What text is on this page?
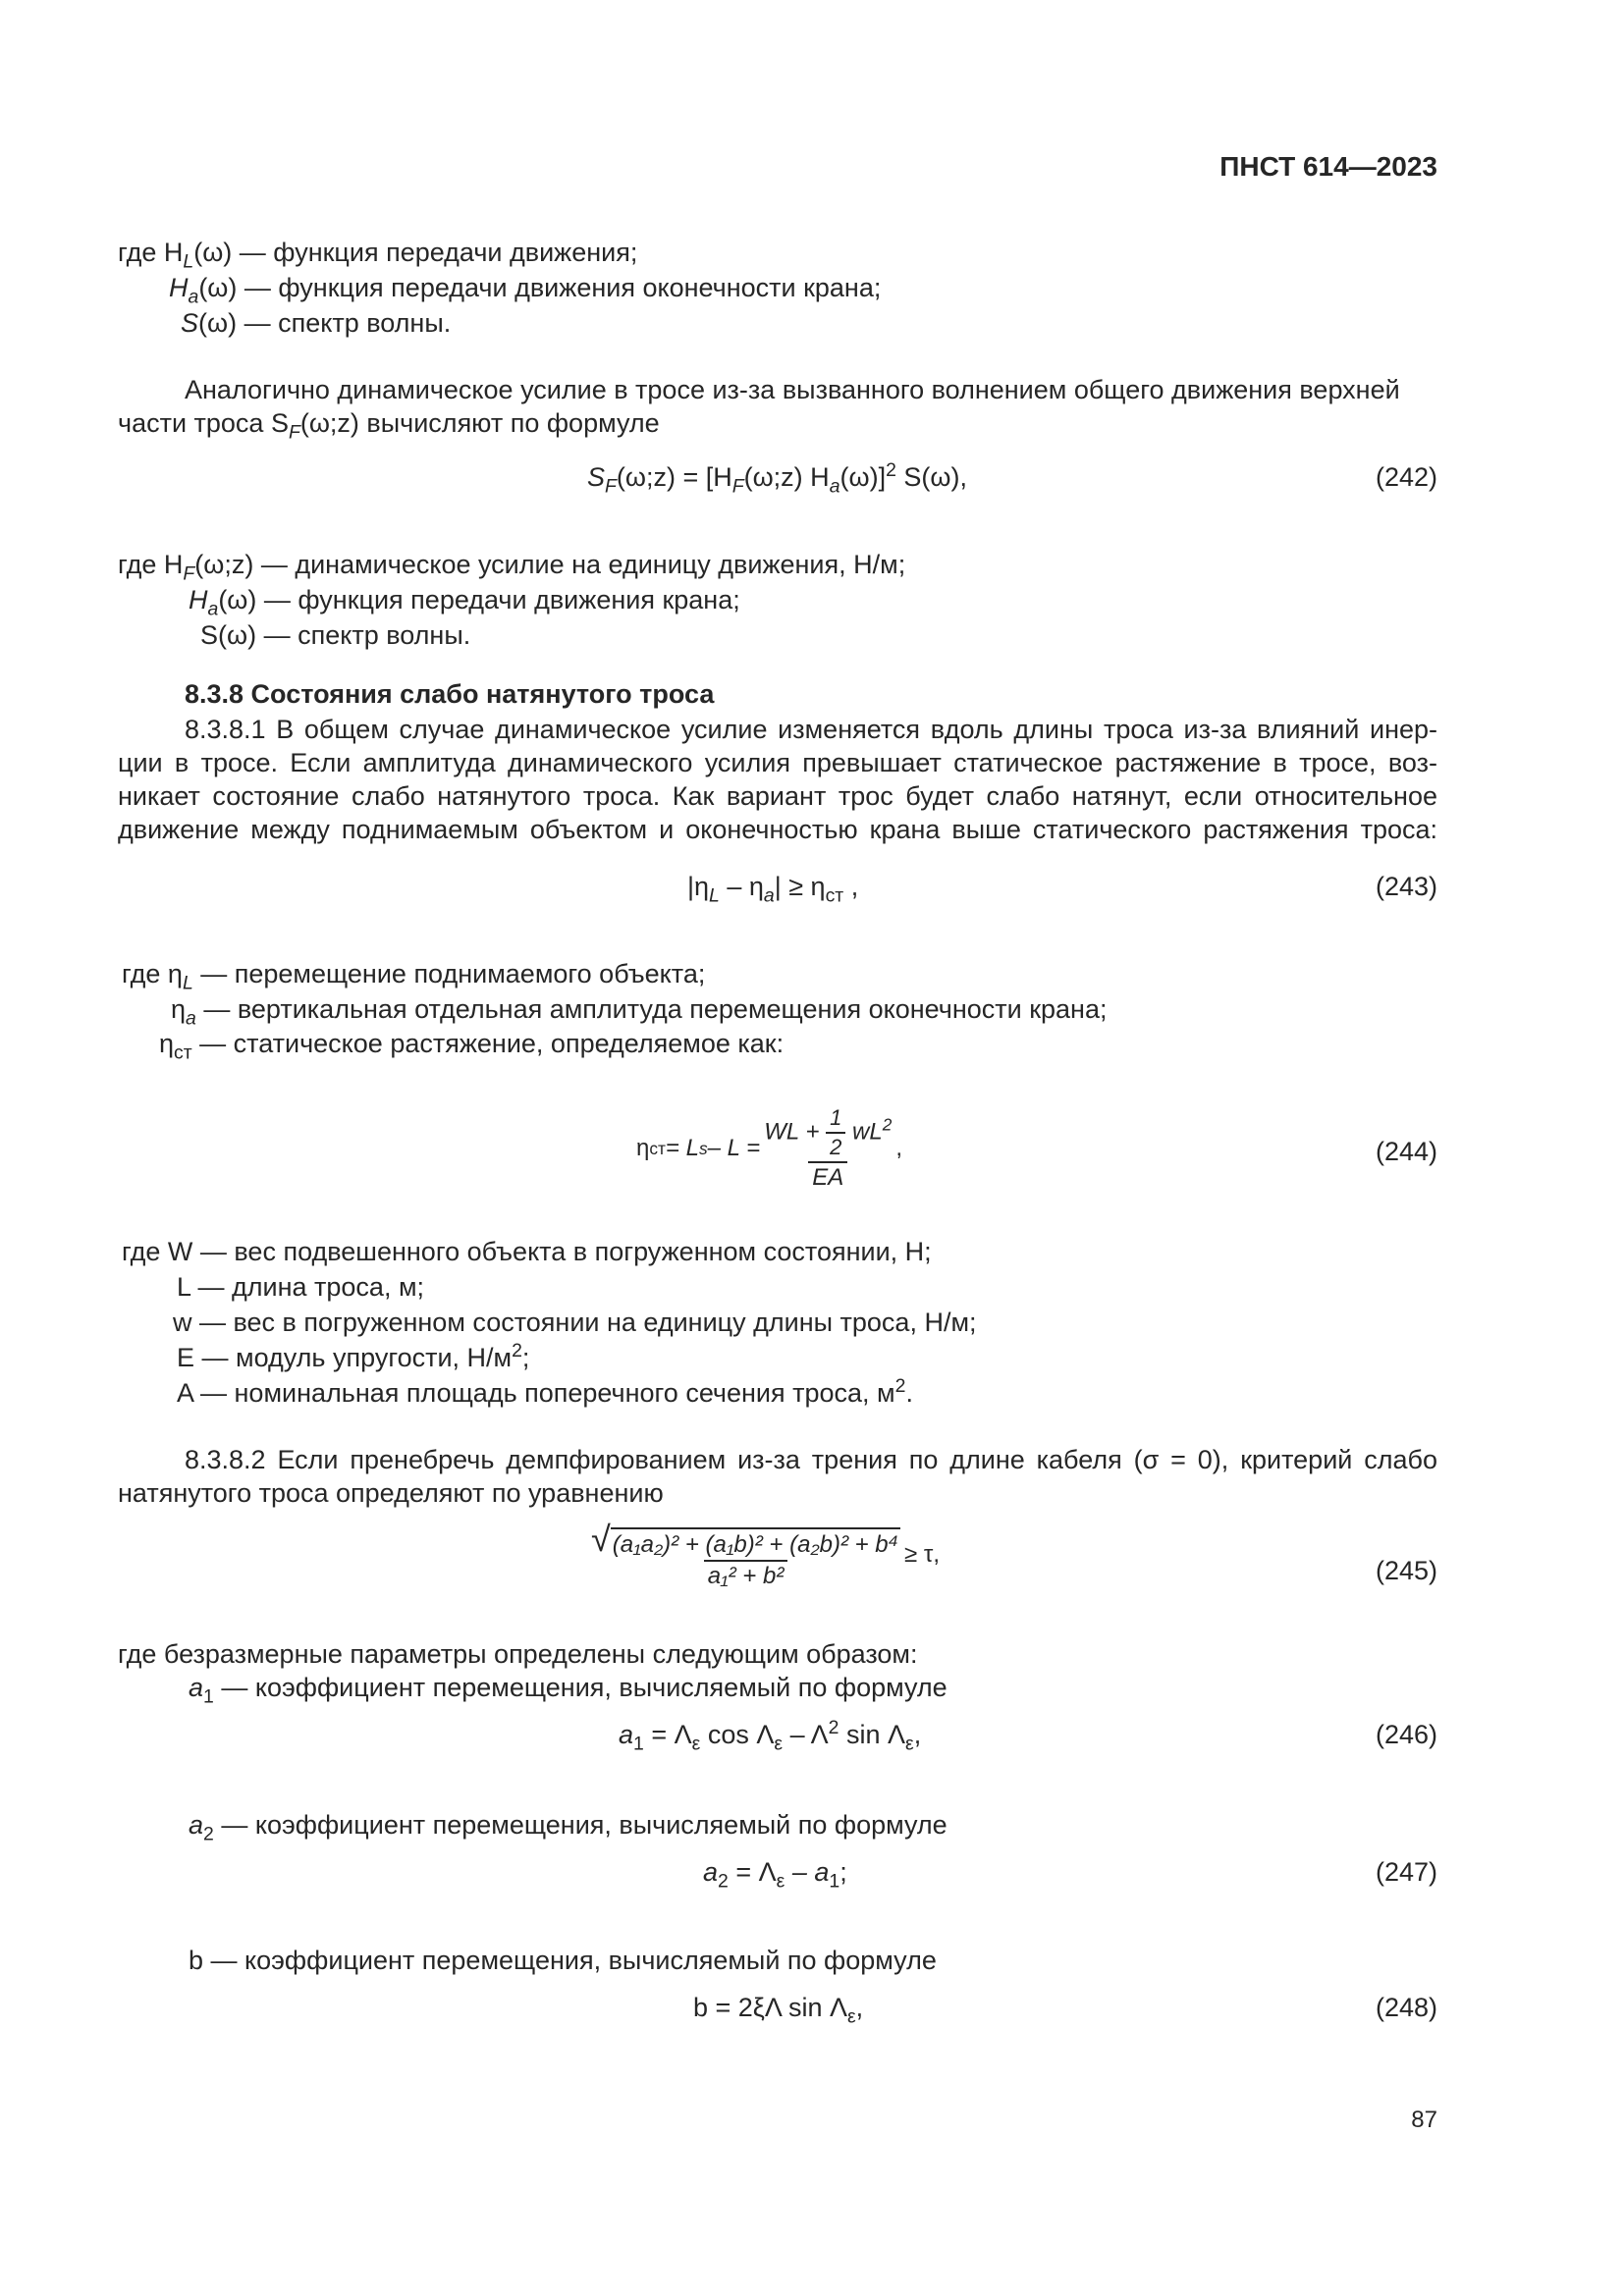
ПНСТ 614—2023
где $H_L(\omega)$ — функция передачи движения;
$H_a(\omega)$ — функция передачи движения оконечности крана;
S(ω) — спектр волны.
Аналогично динамическое усилие в тросе из-за вызванного волнением общего движения верхней
части троса $S_F(\omega;z)$ вычисляют по формуле
$S_F(\omega;z)$ = [$H_F(\omega;z)$ $H_a(\omega)]^2$ S(ω),	(242)
где $H_F(\omega;z)$ — динамическое усилие на единицу движения, Н/м;
$H_a(\omega)$ — функция передачи движения крана;
S(ω) — спектр волны.
8.3.8 Состояния слабо натянутого троса
8.3.8.1 В общем случае динамическое усилие изменяется вдоль длины троса из-за влияний инер-
ции в тросе. Если амплитуда динамического усилия превышает статическое растяжение в тросе, воз-
никает состояние слабо натянутого троса. Как вариант трос будет слабо натянут, если относительное
движение между поднимаемым объектом и оконечностью крана выше статического растяжения троса:
$|\eta_L - \eta_a| \ge \eta_{ст}$ ,	(243)
где $\eta_L$ — перемещение поднимаемого объекта;
$\eta_a$ — вертикальная отдельная амплитуда перемещения оконечности крана;
$\eta_{ст}$ — статическое растяжение, определяемое как:
η ст = L $s - L = \frac{WL + \frac{1}{2} wL^2}{EA}$ ,	(244)
где W — вес подвешенного объекта в погруженном состоянии, Н;
L — длина троса, м;
w — вес в погруженном состоянии на единицу длины троса, Н/м;
E — модуль упругости, $Н/м^2$;
A — номинальная площадь поперечного сечения троса, $м^2$.
8.3.8.2 Если пренебречь демпфированием из-за трения по длине кабеля (σ = 0), критерий слабо
натянутого троса определяют по уравнению
$\frac{\text{√ (a₁a₂)² + (a₁b)² + (a₂b)² + b⁴}}{\text{a₁² + b²}} \ge \tau$,
(245)
где безразмерные параметры определены следующим образом:
$a_1$ — коэффициент перемещения, вычисляемый по формуле
$a_1 = \Lambda_\varepsilon$ $\cos \Lambda_\varepsilon - \Lambda^2$ $\sin \Lambda_\varepsilon$,	(246)
$a_2$ — коэффициент перемещения, вычисляемый по формуле
$a_2 = \Lambda_\varepsilon - a_1$;	(247)
b — коэффициент перемещения, вычисляемый по формуле
b = 2ξΛ $\sin \Lambda_\varepsilon$,	(248)
87
